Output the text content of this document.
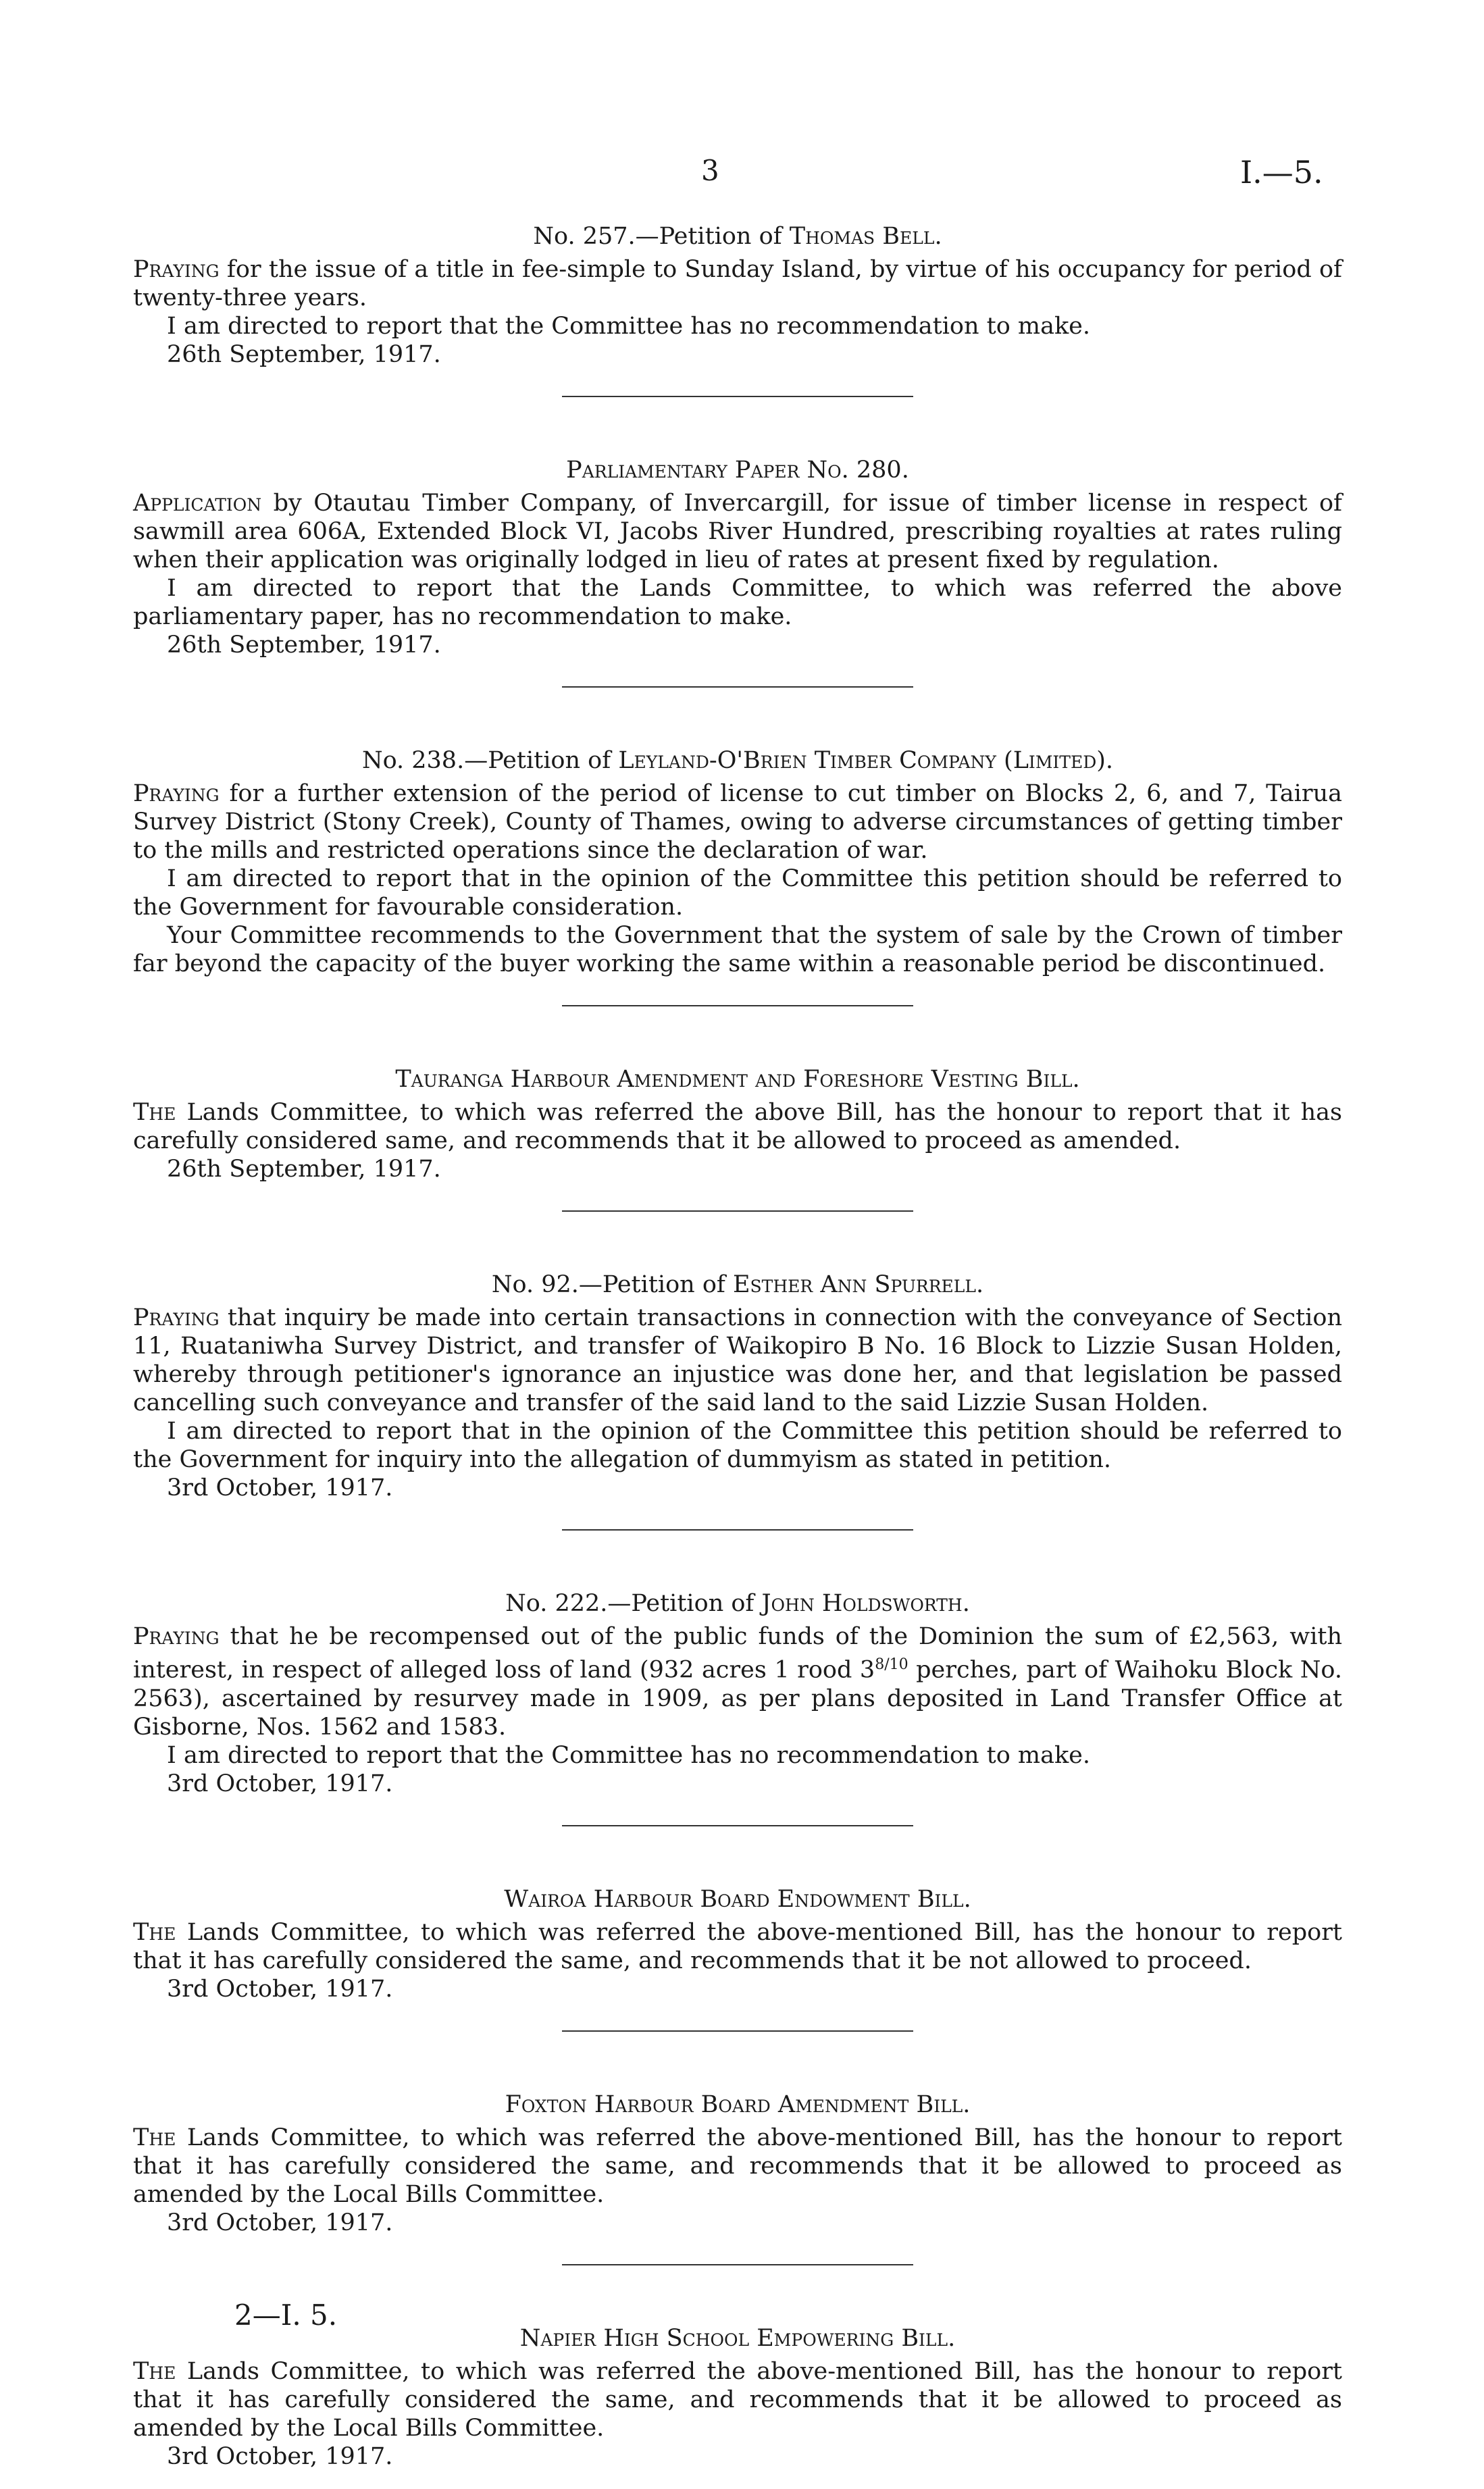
3	I.—5.
No. 257.—Petition of Thomas Bell.

Praying for the issue of a title in fee-simple to Sunday Island, by virtue of his occupancy for period of twenty-three years.

I am directed to report that the Committee has no recommendation to make.

26th September, 1917.

Parliamentary Paper No. 280.

Application by Otautau Timber Company, of Invercargill, for issue of timber license in respect of sawmill area 606A, Extended Block VI, Jacobs River Hundred, prescribing royalties at rates ruling when their application was originally lodged in lieu of rates at present fixed by regulation.

I am directed to report that the Lands Committee, to which was referred the above parliamentary paper, has no recommendation to make.

26th September, 1917.

No. 238.—Petition of Leyland-O'Brien Timber Company (Limited).

Praying for a further extension of the period of license to cut timber on Blocks 2, 6, and 7, Tairua Survey District (Stony Creek), County of Thames, owing to adverse circumstances of getting timber to the mills and restricted operations since the declaration of war.

I am directed to report that in the opinion of the Committee this petition should be referred to the Government for favourable consideration.

Your Committee recommends to the Government that the system of sale by the Crown of timber far beyond the capacity of the buyer working the same within a reasonable period be discontinued.

Tauranga Harbour Amendment and Foreshore Vesting Bill.

The Lands Committee, to which was referred the above Bill, has the honour to report that it has carefully considered same, and recommends that it be allowed to proceed as amended.

26th September, 1917.

No. 92.—Petition of Esther Ann Spurrell.

Praying that inquiry be made into certain transactions in connection with the conveyance of Section 11, Ruataniwha Survey District, and transfer of Waikopiro B No. 16 Block to Lizzie Susan Holden, whereby through petitioner's ignorance an injustice was done her, and that legislation be passed cancelling such conveyance and transfer of the said land to the said Lizzie Susan Holden.

I am directed to report that in the opinion of the Committee this petition should be referred to the Government for inquiry into the allegation of dummyism as stated in petition.

3rd October, 1917.

No. 222.—Petition of John Holdsworth.

Praying that he be recompensed out of the public funds of the Dominion the sum of £2,563, with interest, in respect of alleged loss of land (932 acres 1 rood $3^{8/10}$ perches, part of Waihoku Block No. 2563), ascertained by resurvey made in 1909, as per plans deposited in Land Transfer Office at Gisborne, Nos. 1562 and 1583.

I am directed to report that the Committee has no recommendation to make.

3rd October, 1917.

Wairoa Harbour Board Endowment Bill.

The Lands Committee, to which was referred the above-mentioned Bill, has the honour to report that it has carefully considered the same, and recommends that it be not allowed to proceed.

3rd October, 1917.

Foxton Harbour Board Amendment Bill.

The Lands Committee, to which was referred the above-mentioned Bill, has the honour to report that it has carefully considered the same, and recommends that it be allowed to proceed as amended by the Local Bills Committee.

3rd October, 1917.

Napier High School Empowering Bill.

The Lands Committee, to which was referred the above-mentioned Bill, has the honour to report that it has carefully considered the same, and recommends that it be allowed to proceed as amended by the Local Bills Committee.

3rd October, 1917.

2—I. 5.
